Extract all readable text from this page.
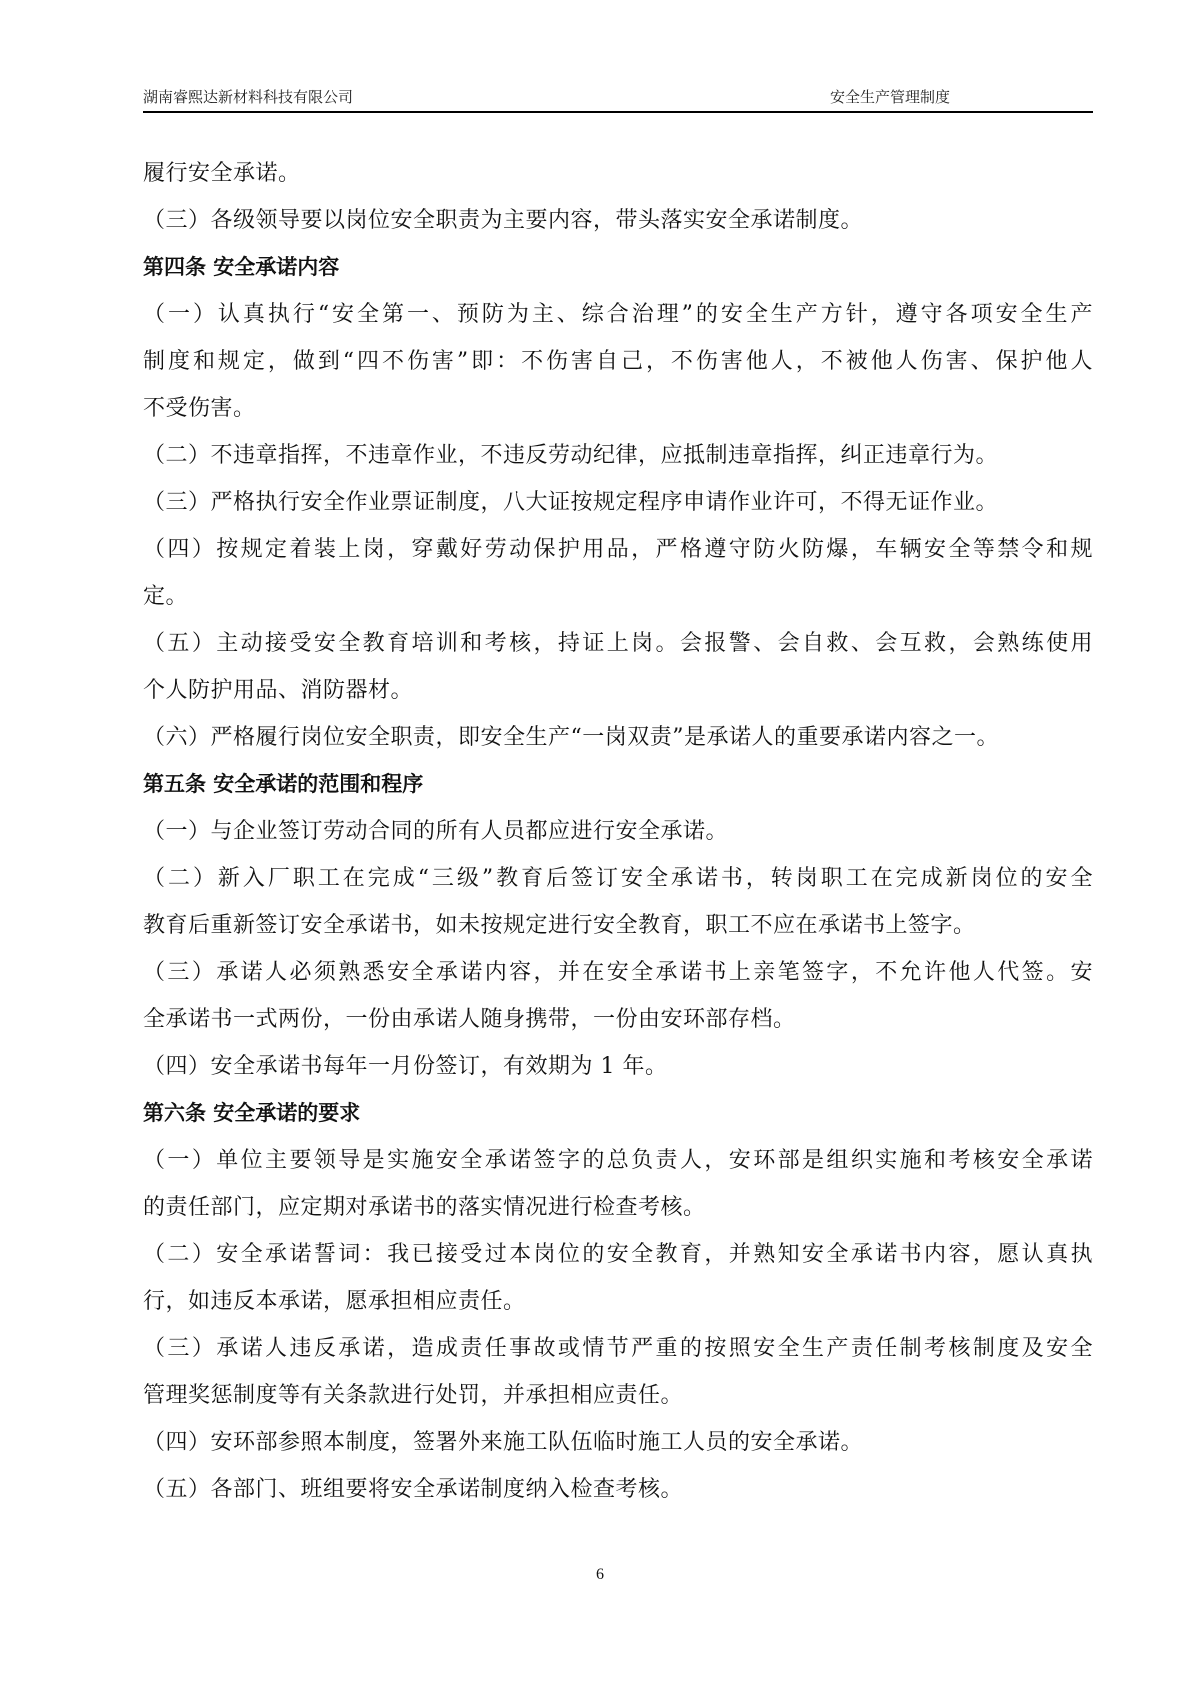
湖南睿熙达新材料科技有限公司	安全生产管理制度
履行安全承诺。
（三）各级领导要以岗位安全职责为主要内容，带头落实安全承诺制度。
第四条 安全承诺内容
（一）认真执行“安全第一、预防为主、综合治理”的安全生产方针，遵守各项安全生产
制度和规定，做到“四不伤害”即：不伤害自己，不伤害他人，不被他人伤害、保护他人
不受伤害。
（二）不违章指挥，不违章作业，不违反劳动纪律，应抵制违章指挥，纠正违章行为。
（三）严格执行安全作业票证制度，八大证按规定程序申请作业许可，不得无证作业。
（四）按规定着装上岗，穿戴好劳动保护用品，严格遵守防火防爆，车辆安全等禁令和规
定。
（五）主动接受安全教育培训和考核，持证上岗。会报警、会自救、会互救，会熟练使用
个人防护用品、消防器材。
（六）严格履行岗位安全职责，即安全生产“一岗双责”是承诺人的重要承诺内容之一。
第五条 安全承诺的范围和程序
（一）与企业签订劳动合同的所有人员都应进行安全承诺。
（二）新入厂职工在完成“三级”教育后签订安全承诺书，转岗职工在完成新岗位的安全
教育后重新签订安全承诺书，如未按规定进行安全教育，职工不应在承诺书上签字。
（三）承诺人必须熟悉安全承诺内容，并在安全承诺书上亲笔签字，不允许他人代签。安
全承诺书一式两份，一份由承诺人随身携带，一份由安环部存档。
（四）安全承诺书每年一月份签订，有效期为 1 年。
第六条 安全承诺的要求
（一）单位主要领导是实施安全承诺签字的总负责人，安环部是组织实施和考核安全承诺
的责任部门，应定期对承诺书的落实情况进行检查考核。
（二）安全承诺誓词：我已接受过本岗位的安全教育，并熟知安全承诺书内容，愿认真执
行，如违反本承诺，愿承担相应责任。
（三）承诺人违反承诺，造成责任事故或情节严重的按照安全生产责任制考核制度及安全
管理奖惩制度等有关条款进行处罚，并承担相应责任。
（四）安环部参照本制度，签署外来施工队伍临时施工人员的安全承诺。
（五）各部门、班组要将安全承诺制度纳入检查考核。
6
